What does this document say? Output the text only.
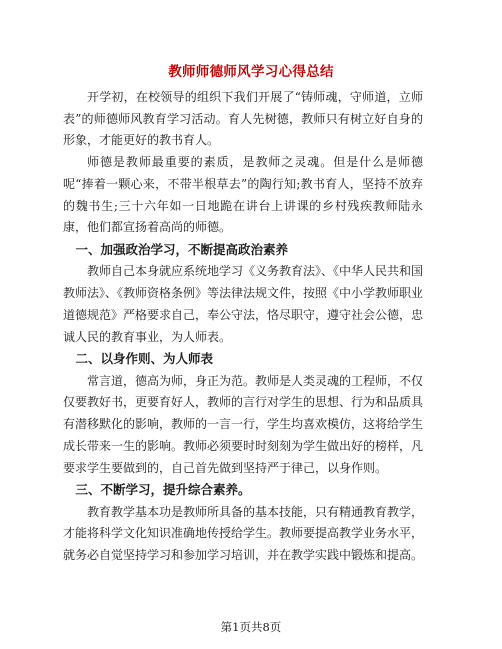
教师师德师风学习心得总结

开学初，在校领导的组织下我们开展了“铸师魂，守师道，立师表”的师德师风教育学习活动。育人先树德，教师只有树立好自身的形象，才能更好的教书育人。

师德是教师最重要的素质，是教师之灵魂。但是什么是师德呢“捧着一颗心来，不带半根草去”的陶行知;教书育人，坚持不放弃的魏书生;三十六年如一日地跪在讲台上讲课的乡村残疾教师陆永康，他们都宣扬着高尚的师德。

一、加强政治学习，不断提高政治素养

教师自己本身就应系统地学习《义务教育法》、《中华人民共和国教师法》、《教师资格条例》等法律法规文件，按照《中小学教师职业道德规范》严格要求自己，奉公守法，恪尽职守，遵守社会公德，忠诚人民的教育事业，为人师表。

二、以身作则、为人师表

常言道，德高为师，身正为范。教师是人类灵魂的工程师，不仅仅要教好书，更要育好人，教师的言行对学生的思想、行为和品质具有潜移默化的影响，教师的一言一行，学生均喜欢模仿，这将给学生成长带来一生的影响。教师必须要时时刻刻为学生做出好的榜样，凡要求学生要做到的，自己首先做到坚持严于律己，以身作则。

三、不断学习，提升综合素养。

教育教学基本功是教师所具备的基本技能，只有精通教育教学，才能将科学文化知识准确地传授给学生。教师要提高教学业务水平，就务必自觉坚持学习和参加学习培训，并在教学实践中锻炼和提高。

第1页共8页
